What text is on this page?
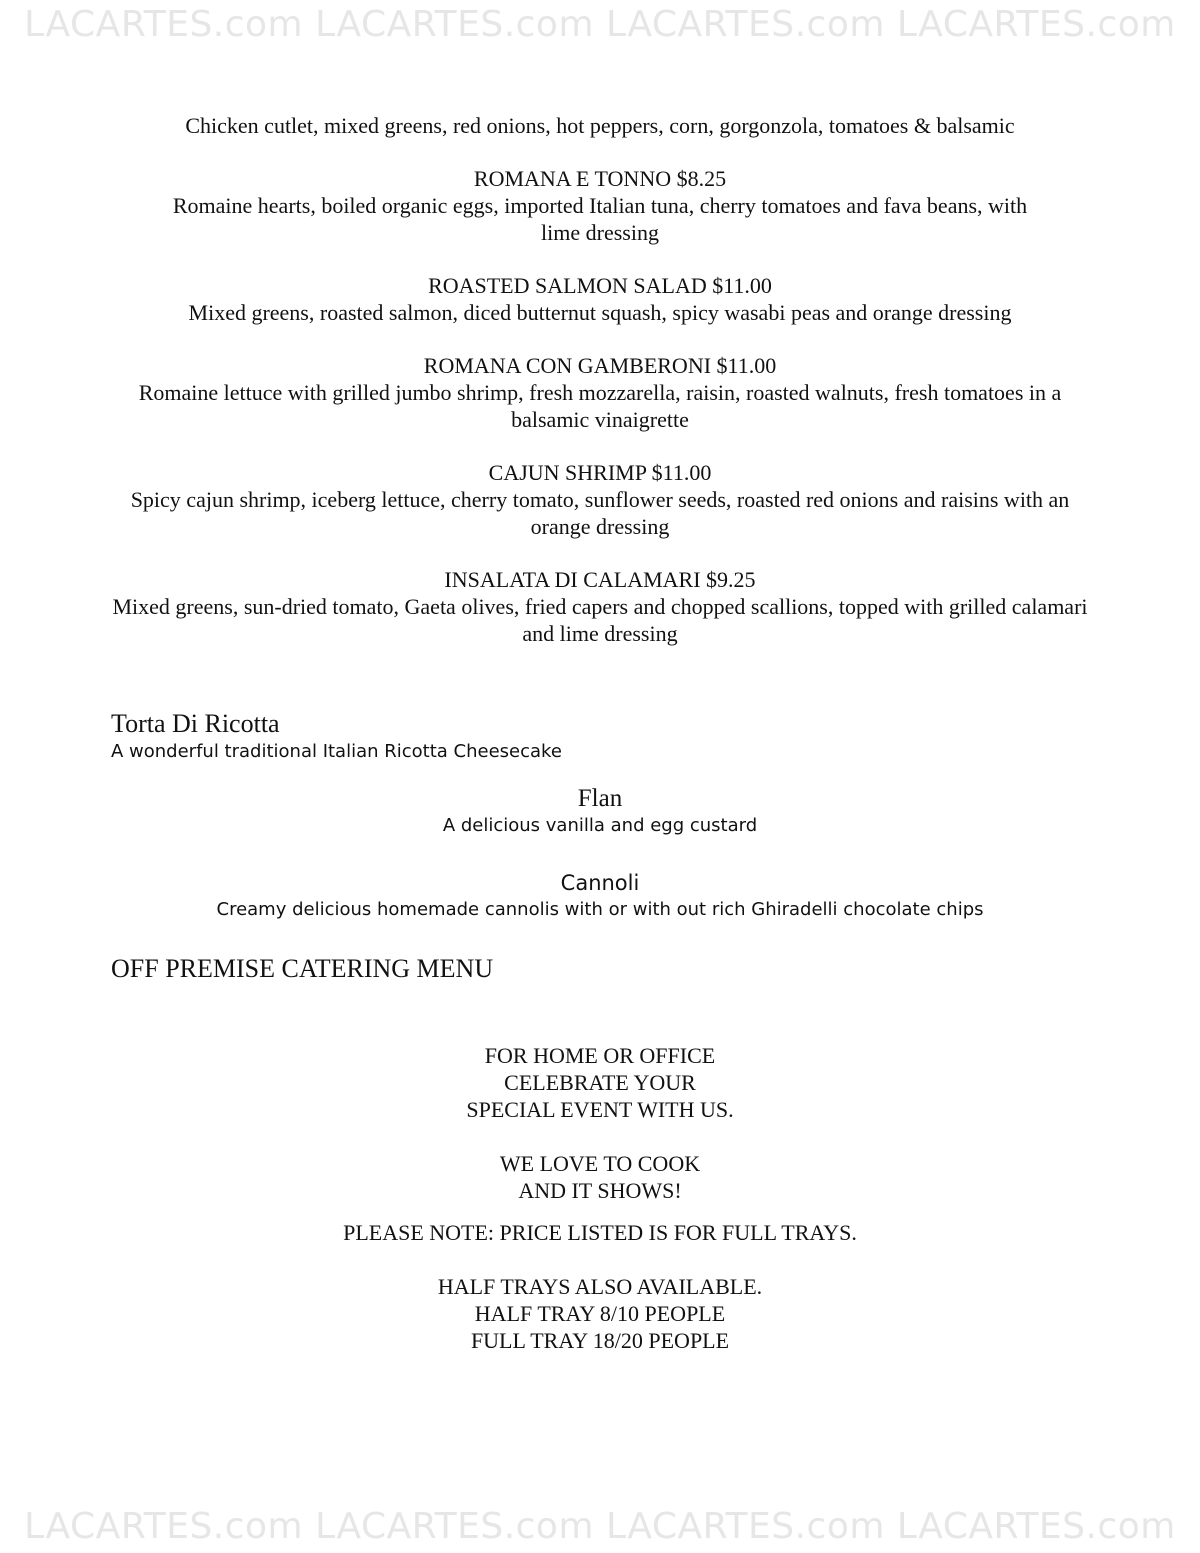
LACARTES.com LACARTES.com LACARTES.com LACARTES.com
Chicken cutlet, mixed greens, red onions, hot peppers, corn, gorgonzola, tomatoes & balsamic
ROMANA E TONNO $8.25
Romaine hearts, boiled organic eggs, imported Italian tuna, cherry tomatoes and fava beans, with lime dressing
ROASTED SALMON SALAD $11.00
Mixed greens, roasted salmon, diced butternut squash, spicy wasabi peas and orange dressing
ROMANA CON GAMBERONI $11.00
Romaine lettuce with grilled jumbo shrimp, fresh mozzarella, raisin, roasted walnuts, fresh tomatoes in a balsamic vinaigrette
CAJUN SHRIMP $11.00
Spicy cajun shrimp, iceberg lettuce, cherry tomato, sunflower seeds, roasted red onions and raisins with an orange dressing
INSALATA DI CALAMARI $9.25
Mixed greens, sun-dried tomato, Gaeta olives, fried capers and chopped scallions, topped with grilled calamari and lime dressing
Torta Di Ricotta
A wonderful traditional Italian Ricotta Cheesecake
Flan
A delicious vanilla and egg custard
Cannoli
Creamy delicious homemade cannolis with or with out rich Ghiradelli chocolate chips
OFF PREMISE CATERING MENU
FOR HOME OR OFFICE
CELEBRATE YOUR
SPECIAL EVENT WITH US.
WE LOVE TO COOK
AND IT SHOWS!
PLEASE NOTE: PRICE LISTED IS FOR FULL TRAYS.
HALF TRAYS ALSO AVAILABLE.
HALF TRAY 8/10 PEOPLE
FULL TRAY 18/20 PEOPLE
LACARTES.com LACARTES.com LACARTES.com LACARTES.com
